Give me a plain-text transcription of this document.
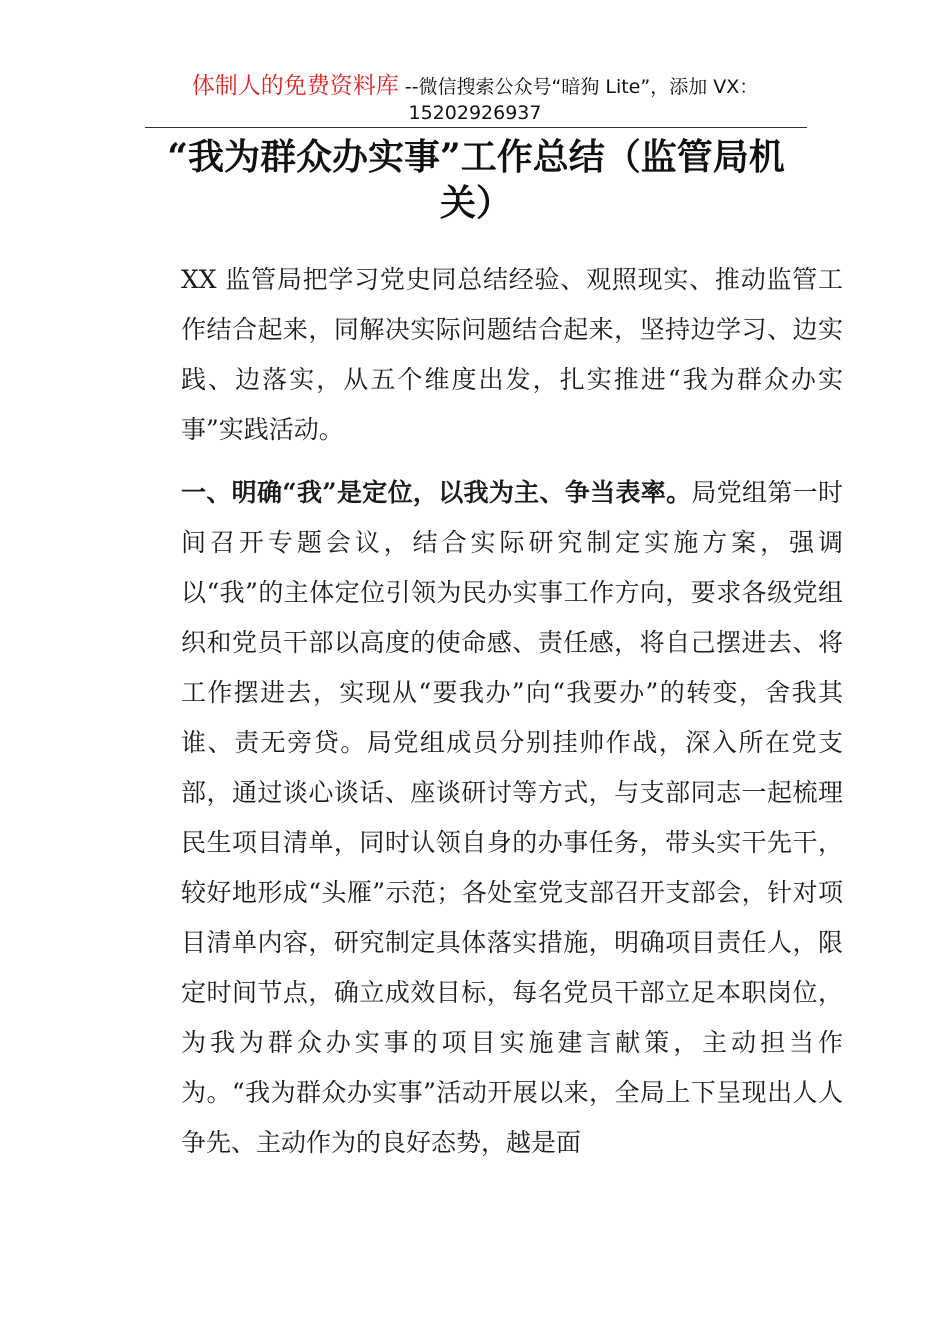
体制人的免费资料库 --微信搜索公众号“暗狗 Lite”，添加 VX：
15202926937
“我为群众办实事”工作总结（监管局机关）

XX 监管局把学习党史同总结经验、观照现实、推动监管工作结合起来，同解决实际问题结合起来，坚持边学习、边实践、边落实，从五个维度出发，扎实推进“我为群众办实事”实践活动。

一、明确“我”是定位，以我为主、争当表率。局党组第一时间召开专题会议，结合实际研究制定实施方案，强调以“我”的主体定位引领为民办实事工作方向，要求各级党组织和党员干部以高度的使命感、责任感，将自己摆进去、将工作摆进去，实现从“要我办”向“我要办”的转变，舍我其谁、责无旁贷。局党组成员分别挂帅作战，深入所在党支部，通过谈心谈话、座谈研讨等方式，与支部同志一起梳理民生项目清单，同时认领自身的办事任务，带头实干先干，较好地形成“头雁”示范；各处室党支部召开支部会，针对项目清单内容，研究制定具体落实措施，明确项目责任人，限定时间节点，确立成效目标，每名党员干部立足本职岗位，为我为群众办实事的项目实施建言献策，主动担当作为。“我为群众办实事”活动开展以来，全局上下呈现出人人争先、主动作为的良好态势，越是面
